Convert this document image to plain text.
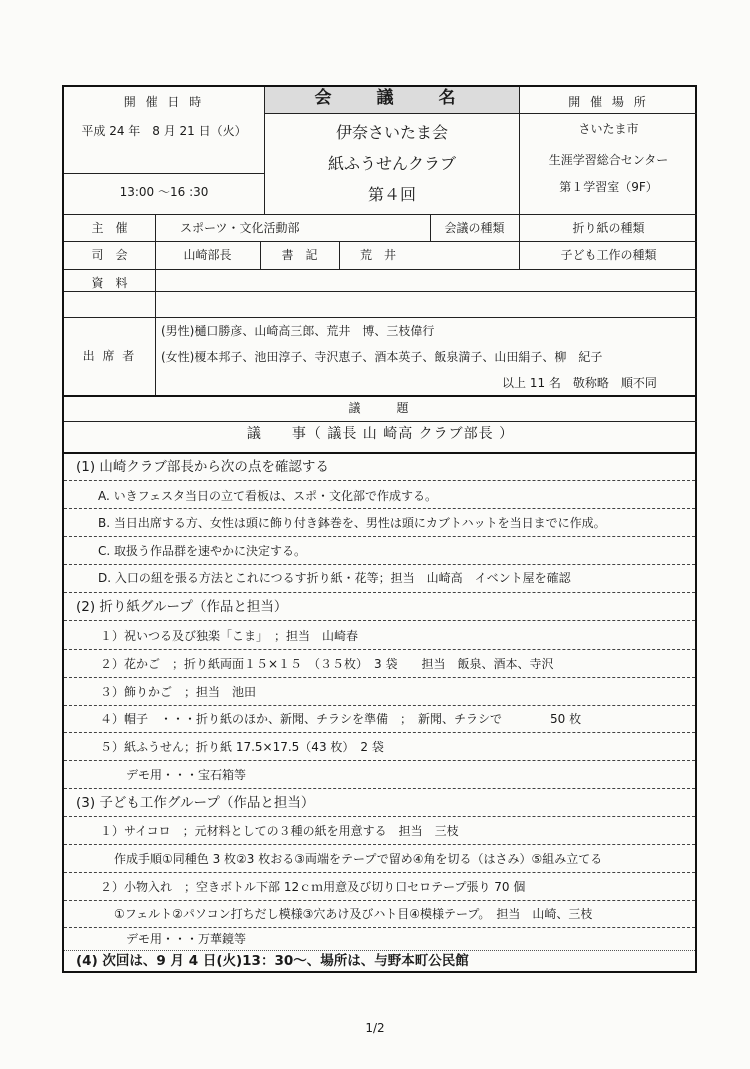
開 催 日 時
平成 24 年　8 月 21 日（火）
13:00 〜16 :30
会　議　名
伊奈さいたま会
紙ふうせんクラブ
第４回
開 催 場 所
さいたま市
生涯学習総合センター
第１学習室（9F）
主　催	スポーツ・文化活動部	会議の種類	折り紙の種類
司　会	山崎部長	書　記	荒　井	子ども工作の種類
資　料
出 席 者
(男性)樋口勝彦、山崎高三郎、荒井　博、三枝偉行
(女性)榎本邦子、池田淳子、寺沢恵子、酒本英子、飯泉満子、山田絹子、柳　紀子
以上 11 名　敬称略　順不同
議　　題
議　　事（ 議長 山 崎高 クラブ部長 ）
(1) 山崎クラブ部長から次の点を確認する
A. いきフェスタ当日の立て看板は、スポ・文化部で作成する。
B. 当日出席する方、女性は頭に飾り付き鉢巻を、男性は頭にカブトハットを当日までに作成。
C. 取扱う作品群を速やかに決定する。
D. 入口の紐を張る方法とこれにつるす折り紙・花等；担当　山崎高　イベント屋を確認
(2) 折り紙グループ（作品と担当）
１）祝いつる及び独楽「こま」　；担当　山崎春
２）花かご　；折り紙両面１５×１５　（３５枚）　3 袋　　担当　飯泉、酒本、寺沢
３）飾りかご　；担当　池田
４）帽子　・・・折り紙のほか、新聞、チラシを準備　；　新聞、チラシで　　　　50 枚
５）紙ふうせん；折り紙 17.5×17.5（43 枚）　2 袋
デモ用・・・宝石箱等
(3) 子ども工作グループ（作品と担当）
１）サイコロ　；元材料としての３種の紙を用意する　担当　三枝
作成手順①同種色 3 枚②3 枚おる③両端をテープで留め④角を切る（はさみ）⑤組み立てる
２）小物入れ　；空きボトル下部 12ｃｍ用意及び切り口セロテープ張り 70 個
①フェルト②パソコン打ちだし模様③穴あけ及びハト目④模様テープ。　担当　山崎、三枝
デモ用・・・万華鏡等
(4) 次回は、9 月 4 日(火)13：30〜、場所は、与野本町公民館
1/2
